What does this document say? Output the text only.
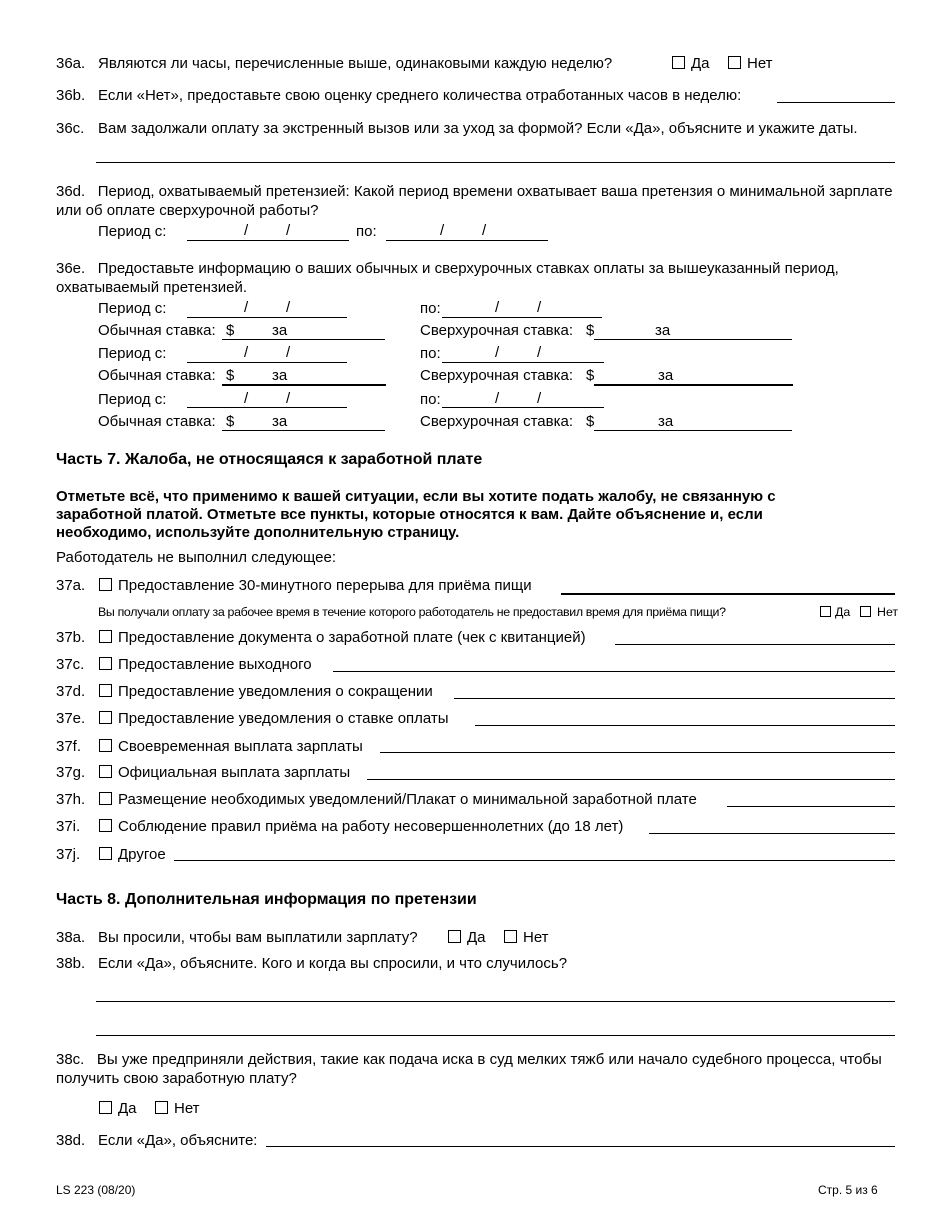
36a. Являются ли часы, перечисленные выше, одинаковыми каждую неделю?	Да	Нет
36b. Если «Нет», предоставьте свою оценку среднего количества отработанных часов в неделю:
36c. Вам задолжали оплату за экстренный вызов или за уход за формой? Если «Да», объясните и укажите даты.
36d. Период, охватываемый претензией: Какой период времени охватывает ваша претензия о минимальной зарплате или об оплате сверхурочной работы?
Период с:	/	/	по:	/	/
36e. Предоставьте информацию о ваших обычных и сверхурочных ставках оплаты за вышеуказанный период, охватываемый претензией.
Период с:	/	/	по:	/	/
Обычная ставка: $	за	Сверхурочная ставка: $	за
Период с:	/	/	по:	/	/
Обычная ставка: $	за	Сверхурочная ставка: $	за
Период с:	/	/	по:	/	/
Обычная ставка: $	за	Сверхурочная ставка: $	за
Часть 7. Жалоба, не относящаяся к заработной плате
Отметьте всё, что применимо к вашей ситуации, если вы хотите подать жалобу, не связанную с заработной платой. Отметьте все пункты, которые относятся к вам. Дайте объяснение и, если необходимо, используйте дополнительную страницу.
Работодатель не выполнил следующее:
37a.	Предоставление 30-минутного перерыва для приёма пищи
Вы получали оплату за рабочее время в течение которого работодатель не предоставил время для приёма пищи?	Да	Нет
37b.	Предоставление документа о заработной плате (чек с квитанцией)
37c.	Предоставление выходного
37d.	Предоставление уведомления о сокращении
37e.	Предоставление уведомления о ставке оплаты
37f.	Своевременная выплата зарплаты
37g.	Официальная выплата зарплаты
37h.	Размещение необходимых уведомлений/Плакат о минимальной заработной плате
37i.	Соблюдение правил приёма на работу несовершеннолетних (до 18 лет)
37j.	Другое
Часть 8. Дополнительная информация по претензии
38a. Вы просили, чтобы вам выплатили зарплату?	Да	Нет
38b. Если «Да», объясните. Кого и когда вы спросили, и что случилось?
38c. Вы уже предприняли действия, такие как подача иска в суд мелких тяжб или начало судебного процесса, чтобы получить свою заработную плату?
Да	Нет
38d. Если «Да», объясните:
LS 223 (08/20)	Стр. 5 из 6
